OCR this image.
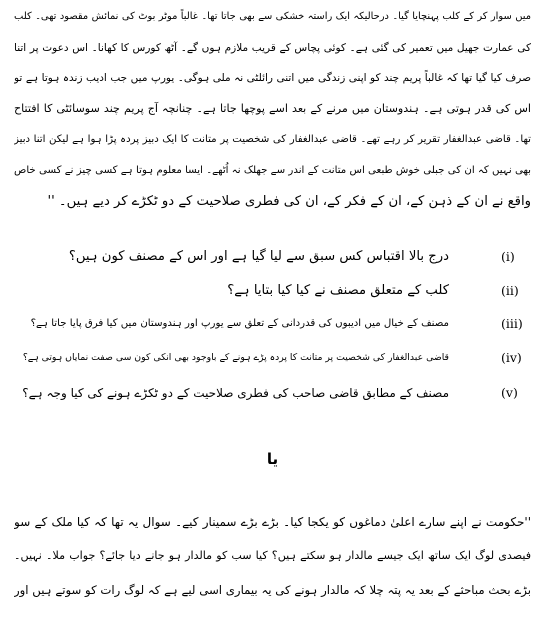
میں سوار کر کے کلب پہنچایا گیا۔ درحالیکہ ایک راستہ خشکی سے بھی جاتا تھا۔ غالباً موٹر بوٹ کی نمائش مقصود تھی۔ کلب
کی عمارت جھیل میں تعمیر کی گئی ہے۔ کوئی پچاس کے قریب ملازم ہوں گے۔ آٹھ کورس کا کھانا۔ اس دعوت پر اتنا
صرف کیا گیا تھا کہ غالباً پریم چند کو اپنی زندگی میں اتنی رائلٹی نہ ملی ہوگی۔ یورپ میں جب ادیب زندہ ہوتا ہے تو
اس کی قدر ہوتی ہے۔ ہندوستان میں مرنے کے بعد اسے پوچھا جاتا ہے۔ چنانچہ آج پریم چند سوسائٹی کا افتتاح
تھا۔ قاضی عبدالغفار تقریر کر رہے تھے۔ قاضی عبدالغفار کی شخصیت پر متانت کا ایک دبیز پردہ پڑا ہوا ہے لیکن اتنا دبیز
بھی نہیں کہ ان کی جبلی خوش طبعی اس متانت کے اندر سے جھلک نہ اُٹھے۔ ایسا معلوم ہوتا ہے کسی چیز نے کسی خاص
واقع نے ان کے ذہن کے، ان کے فکر کے، ان کی فطری صلاحیت کے دو ٹکڑے کر دیے ہیں۔ ''
(i)
درج بالا اقتباس کس سبق سے لیا گیا ہے اور اس کے مصنف کون ہیں؟
(ii)
کلب کے متعلق مصنف نے کیا کیا بتایا ہے؟
(iii)
مصنف کے خیال میں ادیبوں کی قدردانی کے تعلق سے یورپ اور ہندوستان میں کیا فرق پایا جاتا ہے؟
(iv)
قاضی عبدالغفار کی شخصیت پر متانت کا پردہ پڑے ہونے کے باوجود بھی انکی کون سی صفت نمایاں ہوتی ہے؟
(v)
مصنف کے مطابق قاضی صاحب کی فطری صلاحیت کے دو ٹکڑے ہونے کی کیا وجہ ہے؟
یا
''حکومت نے اپنے سارے اعلیٰ دماغوں کو یکجا کیا۔ بڑے بڑے سمینار کیے۔ سوال یہ تھا کہ کیا ملک کے سو
فیصدی لوگ ایک ساتھ ایک جیسے مالدار ہو سکتے ہیں؟ کیا سب کو مالدار ہو جانے دیا جائے؟ جواب ملا۔ نہیں۔
بڑے بحث مباحثے کے بعد یہ پتہ چلا کہ مالدار ہونے کی یہ بیماری اسی لیے ہے کہ لوگ رات کو سوتے ہیں اور
